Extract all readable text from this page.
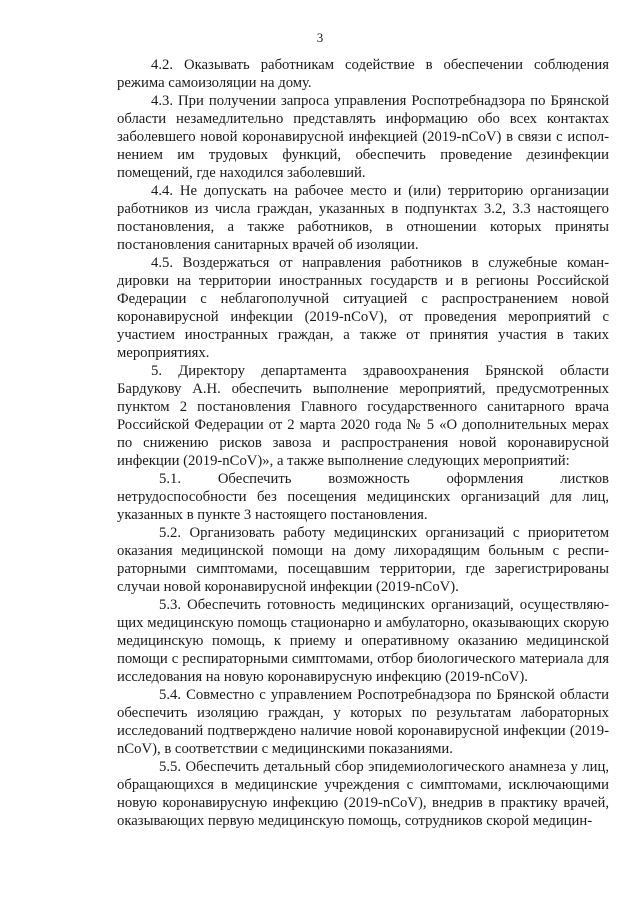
3

4.2. Оказывать работникам содействие в обеспечении соблюдения режима самоизоляции на дому.

4.3. При получении запроса управления Роспотребнадзора по Брянской области незамедлительно представлять информацию обо всех контактах заболевшего новой коронавирусной инфекцией (2019-nCoV) в связи с исполнением им трудовых функций, обеспечить проведение дезинфекции помещений, где находился заболевший.

4.4. Не допускать на рабочее место и (или) территорию организации работников из числа граждан, указанных в подпунктах 3.2, 3.3 настоящего постановления, а также работников, в отношении которых приняты постановления санитарных врачей об изоляции.

4.5. Воздержаться от направления работников в служебные командировки на территории иностранных государств и в регионы Российской Федерации с неблагополучной ситуацией с распространением новой коронавирусной инфекции (2019-nCoV), от проведения мероприятий с участием иностранных граждан, а также от принятия участия в таких мероприятиях.

5. Директору департамента здравоохранения Брянской области Бардукову А.Н. обеспечить выполнение мероприятий, предусмотренных пунктом 2 постановления Главного государственного санитарного врача Российской Федерации от 2 марта 2020 года № 5 «О дополнительных мерах по снижению рисков завоза и распространения новой коронавирусной инфекции (2019-nCoV)», а также выполнение следующих мероприятий:

5.1. Обеспечить возможность оформления листков нетрудоспособности без посещения медицинских организаций для лиц, указанных в пункте 3 настоящего постановления.

5.2. Организовать работу медицинских организаций с приоритетом оказания медицинской помощи на дому лихорадящим больным с респираторными симптомами, посещавшим территории, где зарегистрированы случаи новой коронавирусной инфекции (2019-nCoV).

5.3. Обеспечить готовность медицинских организаций, осуществляющих медицинскую помощь стационарно и амбулаторно, оказывающих скорую медицинскую помощь, к приему и оперативному оказанию медицинской помощи с респираторными симптомами, отбор биологического материала для исследования на новую коронавирусную инфекцию (2019-nCoV).

5.4. Совместно с управлением Роспотребнадзора по Брянской области обеспечить изоляцию граждан, у которых по результатам лабораторных исследований подтверждено наличие новой коронавирусной инфекции (2019-nCoV), в соответствии с медицинскими показаниями.

5.5. Обеспечить детальный сбор эпидемиологического анамнеза у лиц, обращающихся в медицинские учреждения с симптомами, исключающими новую коронавирусную инфекцию (2019-nCoV), внедрив в практику врачей, оказывающих первую медицинскую помощь, сотрудников скорой медицин-
